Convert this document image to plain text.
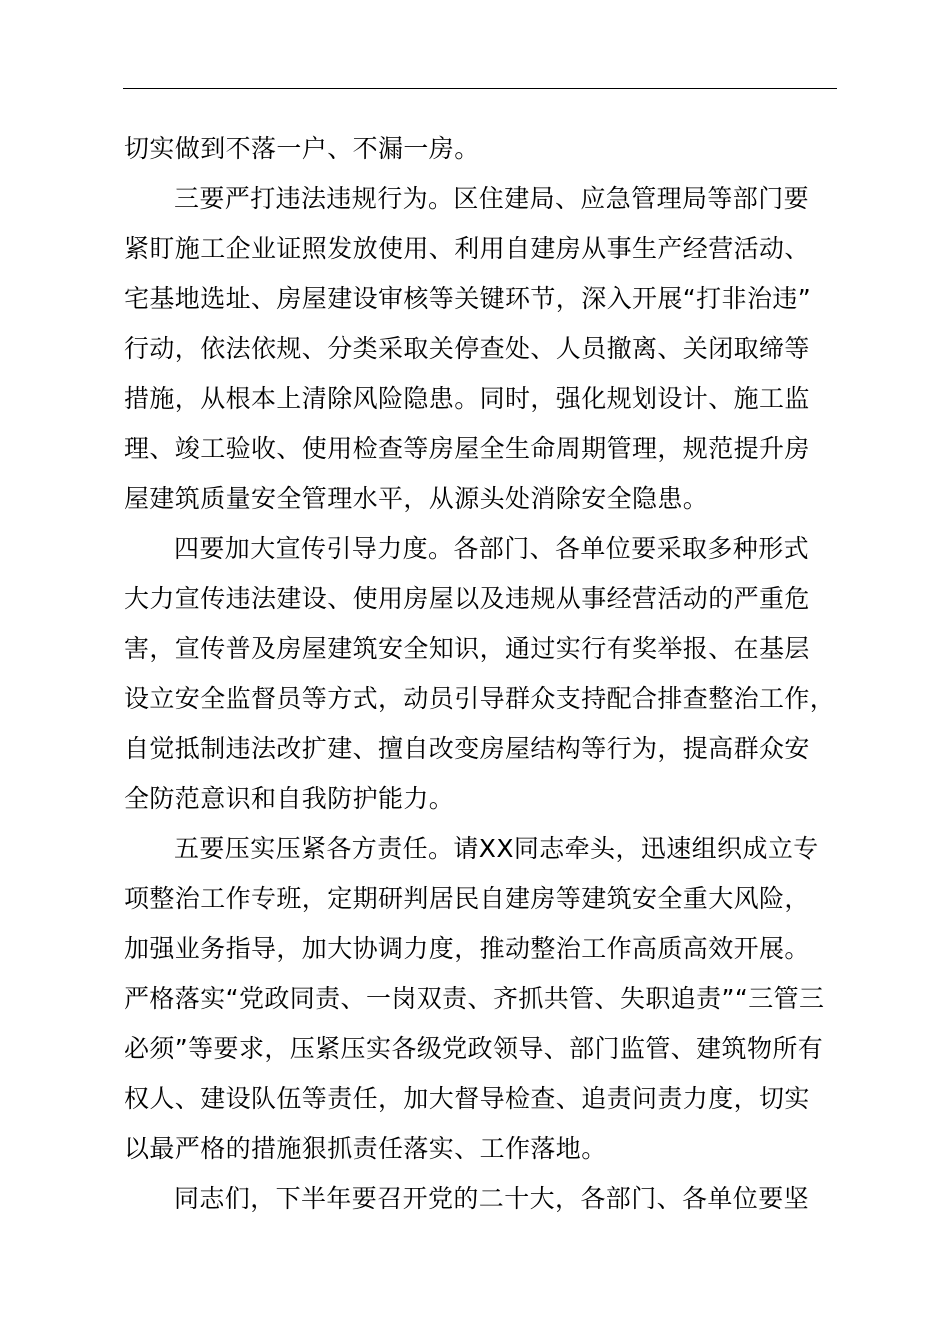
切实做到不落一户、不漏一房。
三要严打违法违规行为。区住建局、应急管理局等部门要
紧盯施工企业证照发放使用、利用自建房从事生产经营活动、
宅基地选址、房屋建设审核等关键环节，深入开展“打非治违”
行动，依法依规、分类采取关停查处、人员撤离、关闭取缔等
措施，从根本上清除风险隐患。同时，强化规划设计、施工监
理、竣工验收、使用检查等房屋全生命周期管理，规范提升房
屋建筑质量安全管理水平，从源头处消除安全隐患。
四要加大宣传引导力度。各部门、各单位要采取多种形式
大力宣传违法建设、使用房屋以及违规从事经营活动的严重危
害，宣传普及房屋建筑安全知识，通过实行有奖举报、在基层
设立安全监督员等方式，动员引导群众支持配合排查整治工作，
自觉抵制违法改扩建、擅自改变房屋结构等行为，提高群众安
全防范意识和自我防护能力。
五要压实压紧各方责任。请XX同志牵头，迅速组织成立专
项整治工作专班，定期研判居民自建房等建筑安全重大风险，
加强业务指导，加大协调力度，推动整治工作高质高效开展。
严格落实“党政同责、一岗双责、齐抓共管、失职追责”“三管三
必须”等要求，压紧压实各级党政领导、部门监管、建筑物所有
权人、建设队伍等责任，加大督导检查、追责问责力度，切实
以最严格的措施狠抓责任落实、工作落地。
同志们，下半年要召开党的二十大，各部门、各单位要坚
